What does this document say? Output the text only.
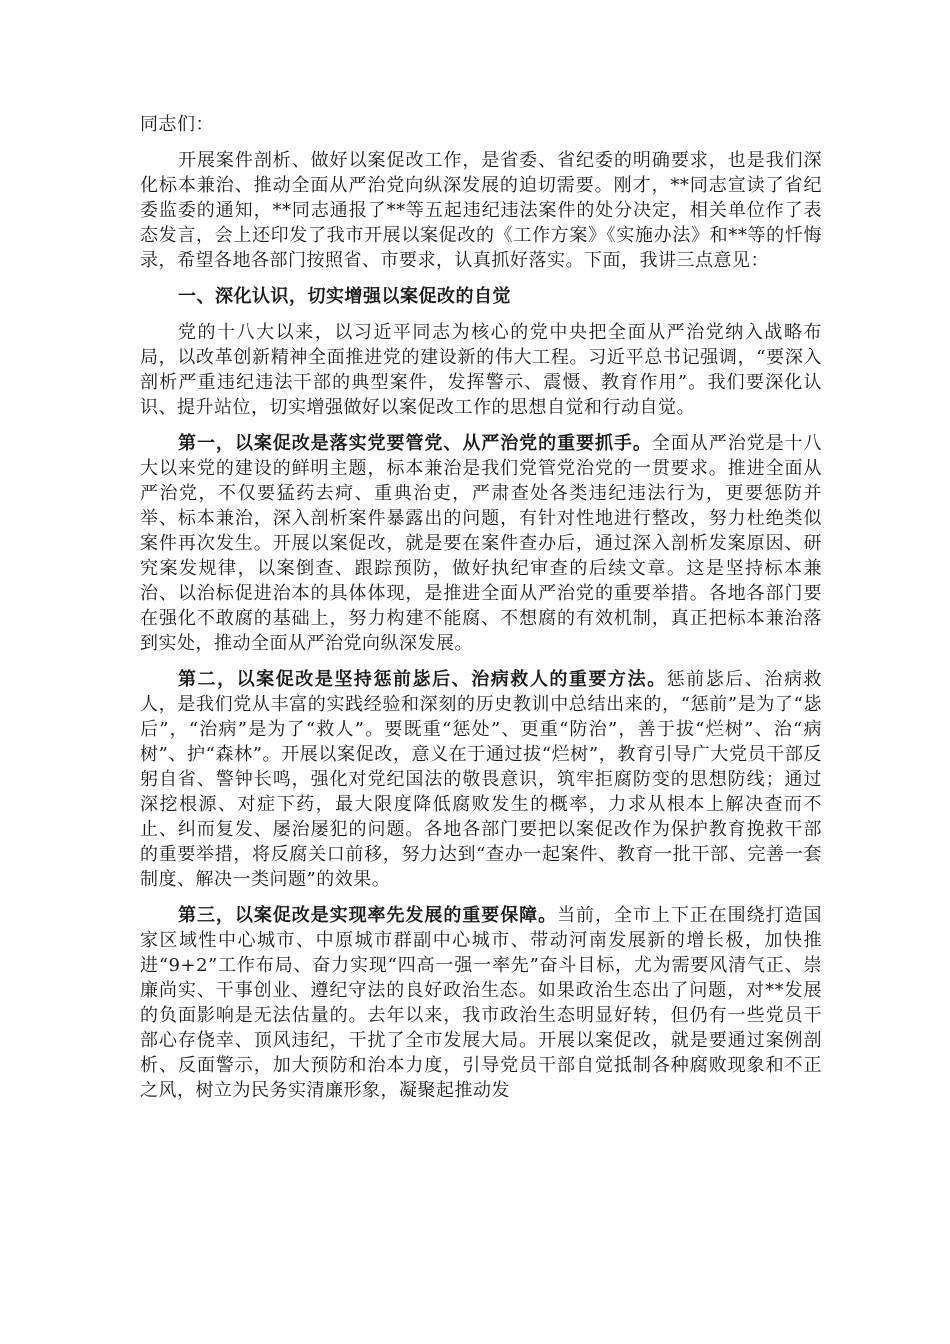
同志们：

开展案件剖析、做好以案促改工作，是省委、省纪委的明确要求，也是我们深化标本兼治、推动全面从严治党向纵深发展的迫切需要。刚才，**同志宣读了省纪委监委的通知，**同志通报了**等五起违纪违法案件的处分决定，相关单位作了表态发言，会上还印发了我市开展以案促改的《工作方案》《实施办法》和**等的忏悔录，希望各地各部门按照省、市要求，认真抓好落实。下面，我讲三点意见：

一、深化认识，切实增强以案促改的自觉

党的十八大以来，以习近平同志为核心的党中央把全面从严治党纳入战略布局，以改革创新精神全面推进党的建设新的伟大工程。习近平总书记强调，“要深入剖析严重违纪违法干部的典型案件，发挥警示、震慑、教育作用”。我们要深化认识、提升站位，切实增强做好以案促改工作的思想自觉和行动自觉。

第一，以案促改是落实党要管党、从严治党的重要抓手。全面从严治党是十八大以来党的建设的鲜明主题，标本兼治是我们党管党治党的一贯要求。推进全面从严治党，不仅要猛药去疴、重典治吏，严肃查处各类违纪违法行为，更要惩防并举、标本兼治，深入剖析案件暴露出的问题，有针对性地进行整改，努力杜绝类似案件再次发生。开展以案促改，就是要在案件查办后，通过深入剖析发案原因、研究案发规律，以案倒查、跟踪预防，做好执纪审查的后续文章。这是坚持标本兼治、以治标促进治本的具体体现，是推进全面从严治党的重要举措。各地各部门要在强化不敢腐的基础上，努力构建不能腐、不想腐的有效机制，真正把标本兼治落到实处，推动全面从严治党向纵深发展。

第二，以案促改是坚持惩前毖后、治病救人的重要方法。惩前毖后、治病救人，是我们党从丰富的实践经验和深刻的历史教训中总结出来的，“惩前”是为了“毖后”，“治病”是为了“救人”。要既重“惩处”、更重“防治”，善于拔“烂树”、治“病树”、护“森林”。开展以案促改，意义在于通过拔“烂树”，教育引导广大党员干部反躬自省、警钟长鸣，强化对党纪国法的敬畏意识，筑牢拒腐防变的思想防线；通过深挖根源、对症下药，最大限度降低腐败发生的概率，力求从根本上解决查而不止、纠而复发、屡治屡犯的问题。各地各部门要把以案促改作为保护教育挽救干部的重要举措，将反腐关口前移，努力达到“查办一起案件、教育一批干部、完善一套制度、解决一类问题”的效果。

第三，以案促改是实现率先发展的重要保障。当前，全市上下正在围绕打造国家区域性中心城市、中原城市群副中心城市、带动河南发展新的增长极，加快推进“9+2”工作布局、奋力实现“四高一强一率先”奋斗目标，尤为需要风清气正、崇廉尚实、干事创业、遵纪守法的良好政治生态。如果政治生态出了问题，对**发展的负面影响是无法估量的。去年以来，我市政治生态明显好转，但仍有一些党员干部心存侥幸、顶风违纪，干扰了全市发展大局。开展以案促改，就是要通过案例剖析、反面警示，加大预防和治本力度，引导党员干部自觉抵制各种腐败现象和不正之风，树立为民务实清廉形象，凝聚起推动发
